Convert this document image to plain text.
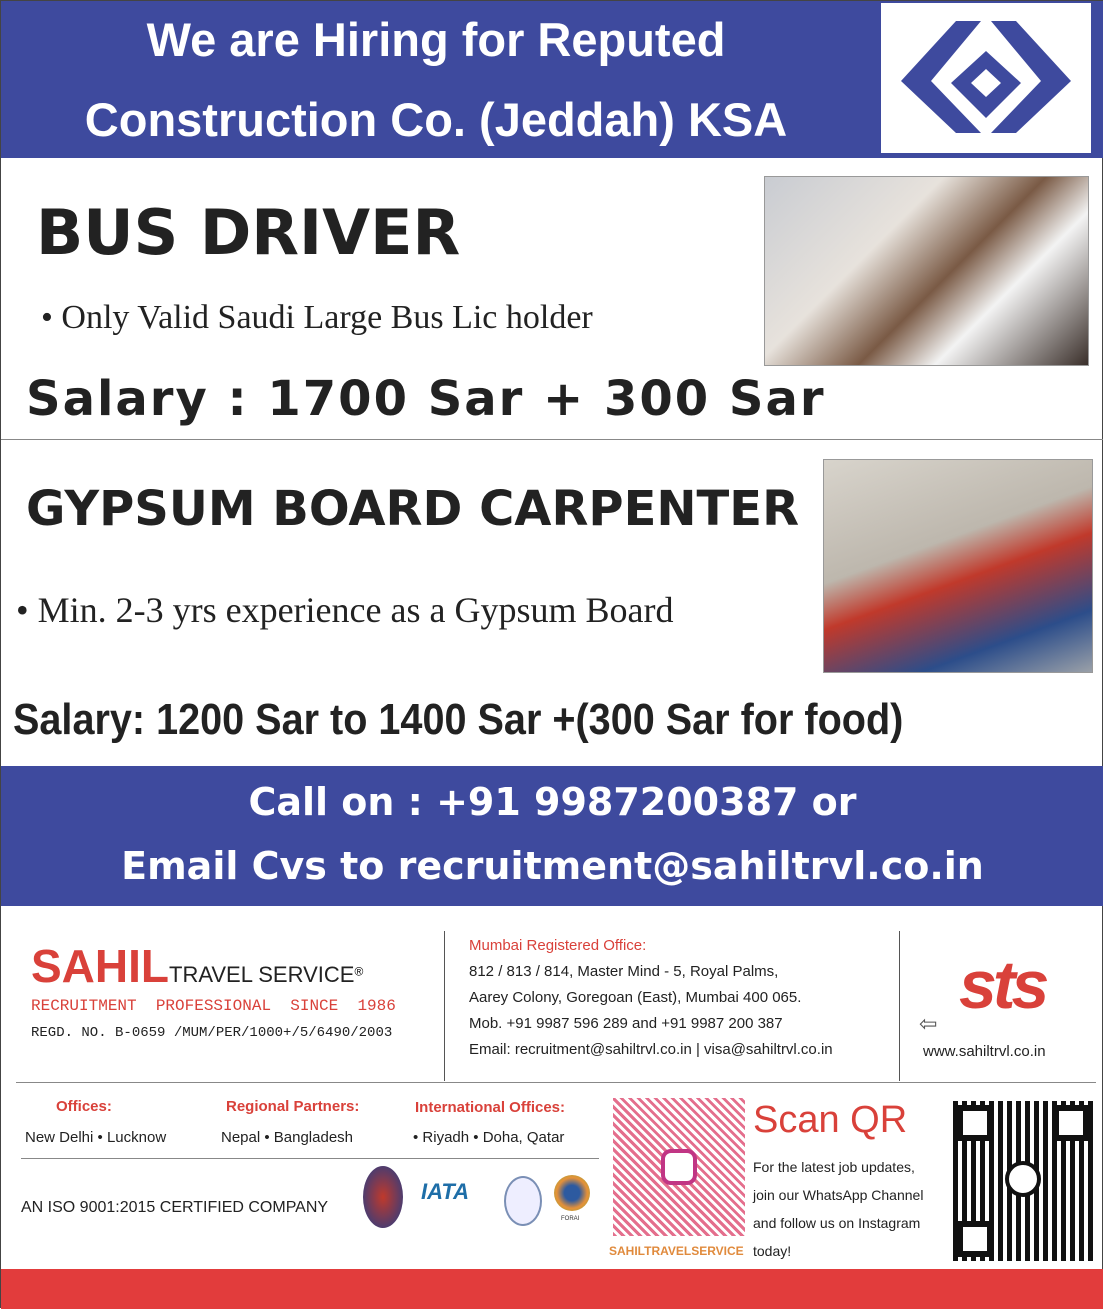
We are Hiring for Reputed
Construction Co. (Jeddah) KSA
BUS DRIVER
• Only Valid Saudi Large Bus Lic holder
Salary : 1700 Sar + 300 Sar
GYPSUM BOARD CARPENTER
• Min. 2-3 yrs experience as a Gypsum Board
Salary: 1200 Sar to 1400 Sar +(300 Sar for food)
Call on : +91 9987200387 or
Email Cvs to recruitment@sahiltrvl.co.in
SAHILTRAVEL SERVICE®
RECRUITMENT  PROFESSIONAL  SINCE  1986
REGD. NO. B-0659 /MUM/PER/1000+/5/6490/2003
Mumbai Registered Office:
812 / 813 / 814, Master Mind - 5, Royal Palms,
Aarey Colony, Goregoan (East), Mumbai 400 065.
Mob. +91 9987 596 289 and +91 9987 200 387
Email: recruitment@sahiltrvl.co.in | visa@sahiltrvl.co.in
sts
⇦
www.sahiltrvl.co.in
Offices:
New Delhi • Lucknow
Regional Partners:
Nepal • Bangladesh
International Offices:
• Riyadh • Doha, Qatar
AN ISO 9001:2015 CERTIFIED COMPANY
IATA
FORAI
SAHILTRAVELSERVICE
Scan QR
For the latest job updates,
join our WhatsApp Channel
and follow us on Instagram
today!
